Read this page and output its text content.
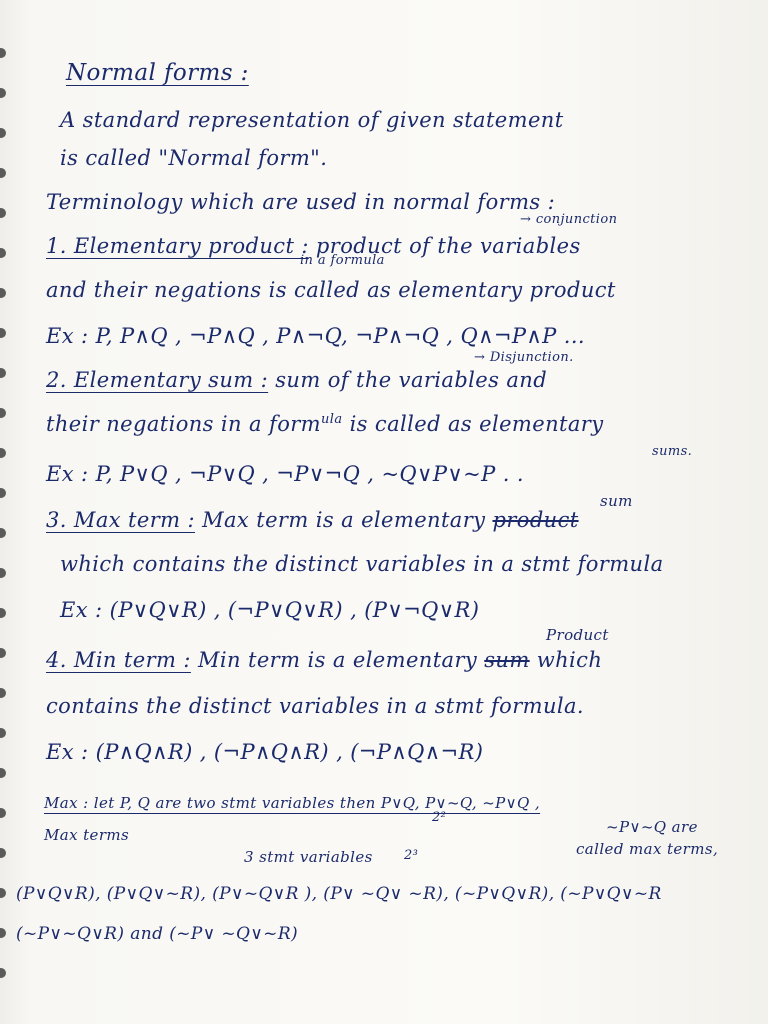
Normal forms :
A standard representation of given statement
is called "Normal form".
Terminology which are used in normal forms :
→ conjunction
1. Elementary product : product of the variables
in a formula
and their negations is called as elementary product
Ex : P, P∧Q , ¬P∧Q , P∧¬Q, ¬P∧¬Q , Q∧¬P∧P ...
→ Disjunction.
2. Elementary sum : sum of the variables and
their negations in a form$^{ula}$ is called as elementary
sums.
Ex : P, P∨Q , ¬P∨Q , ¬P∨¬Q , ~Q∨P∨~P . .
sum
3. Max term : Max term is a elementary product
which contains the distinct variables in a stmt formula
Ex : (P∨Q∨R) , (¬P∨Q∨R) , (P∨¬Q∨R)
Product
4. Min term : Min term is a elementary sum which
contains the distinct variables in a stmt formula.
Ex : (P∧Q∧R) , (¬P∧Q∧R) , (¬P∧Q∧¬R)
Max : let P, Q are two stmt variables then P∨Q, P∨~Q, ~P∨Q ,
2²
Max terms	~P∨~Q are
called max terms,
3 stmt variables 2³
(P∨Q∨R), (P∨Q∨~R), (P∨~Q∨R ), (P∨ ~Q∨ ~R), (~P∨Q∨R), (~P∨Q∨~R
(~P∨~Q∨R) and (~P∨ ~Q∨~R)
